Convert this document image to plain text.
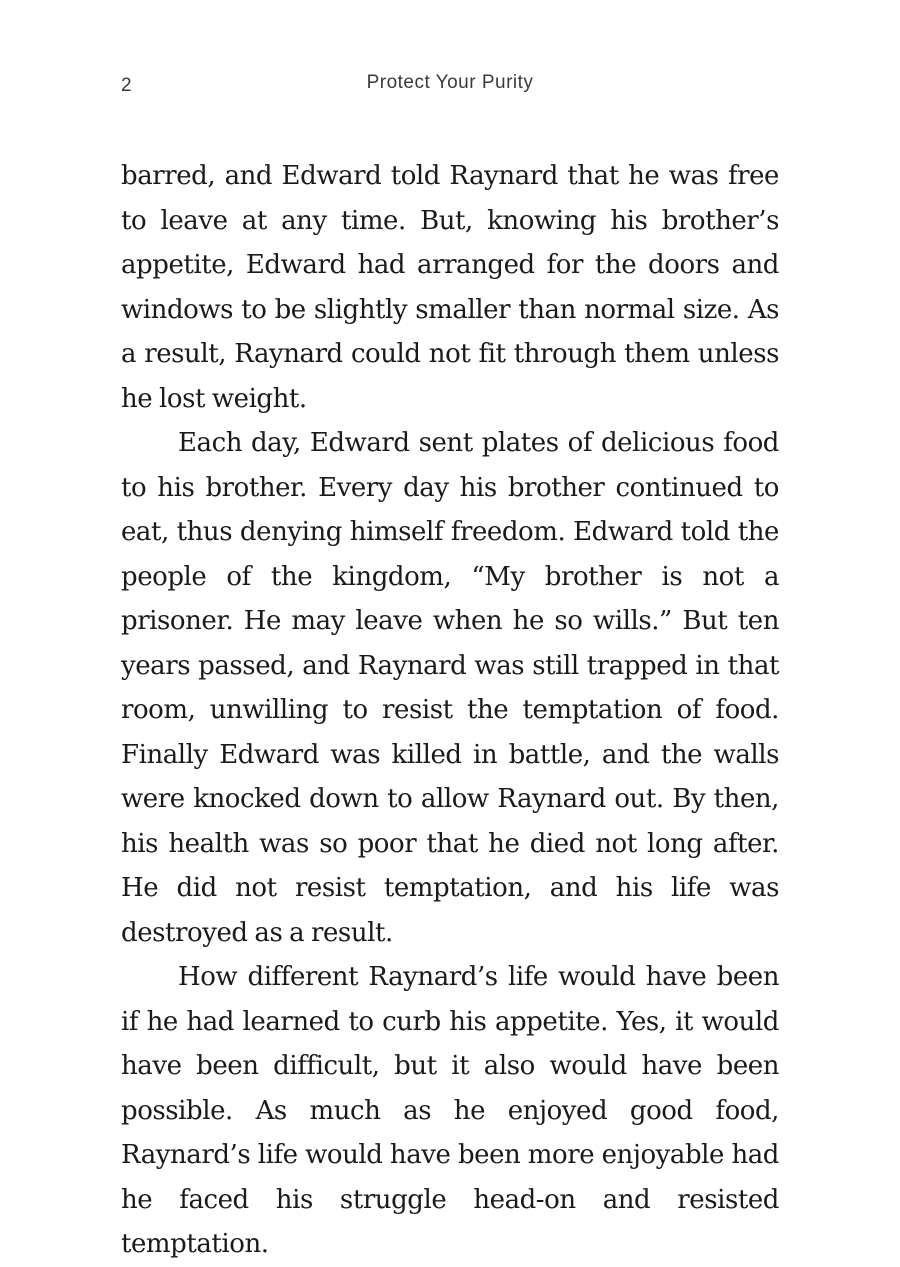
2	Protect Your Purity

barred, and Edward told Raynard that he was free to leave at any time. But, knowing his brother’s appetite, Edward had arranged for the doors and windows to be slightly smaller than normal size. As a result, Raynard could not fit through them unless he lost weight.

Each day, Edward sent plates of delicious food to his brother. Every day his brother continued to eat, thus denying himself freedom. Edward told the people of the kingdom, “My brother is not a prisoner. He may leave when he so wills.” But ten years passed, and Raynard was still trapped in that room, unwilling to resist the temptation of food. Finally Edward was killed in battle, and the walls were knocked down to allow Raynard out. By then, his health was so poor that he died not long after. He did not resist temptation, and his life was destroyed as a result.

How different Raynard’s life would have been if he had learned to curb his appetite. Yes, it would have been difficult, but it also would have been possible. As much as he enjoyed good food, Raynard’s life would have been more enjoyable had he faced his struggle head-on and resisted temptation.
